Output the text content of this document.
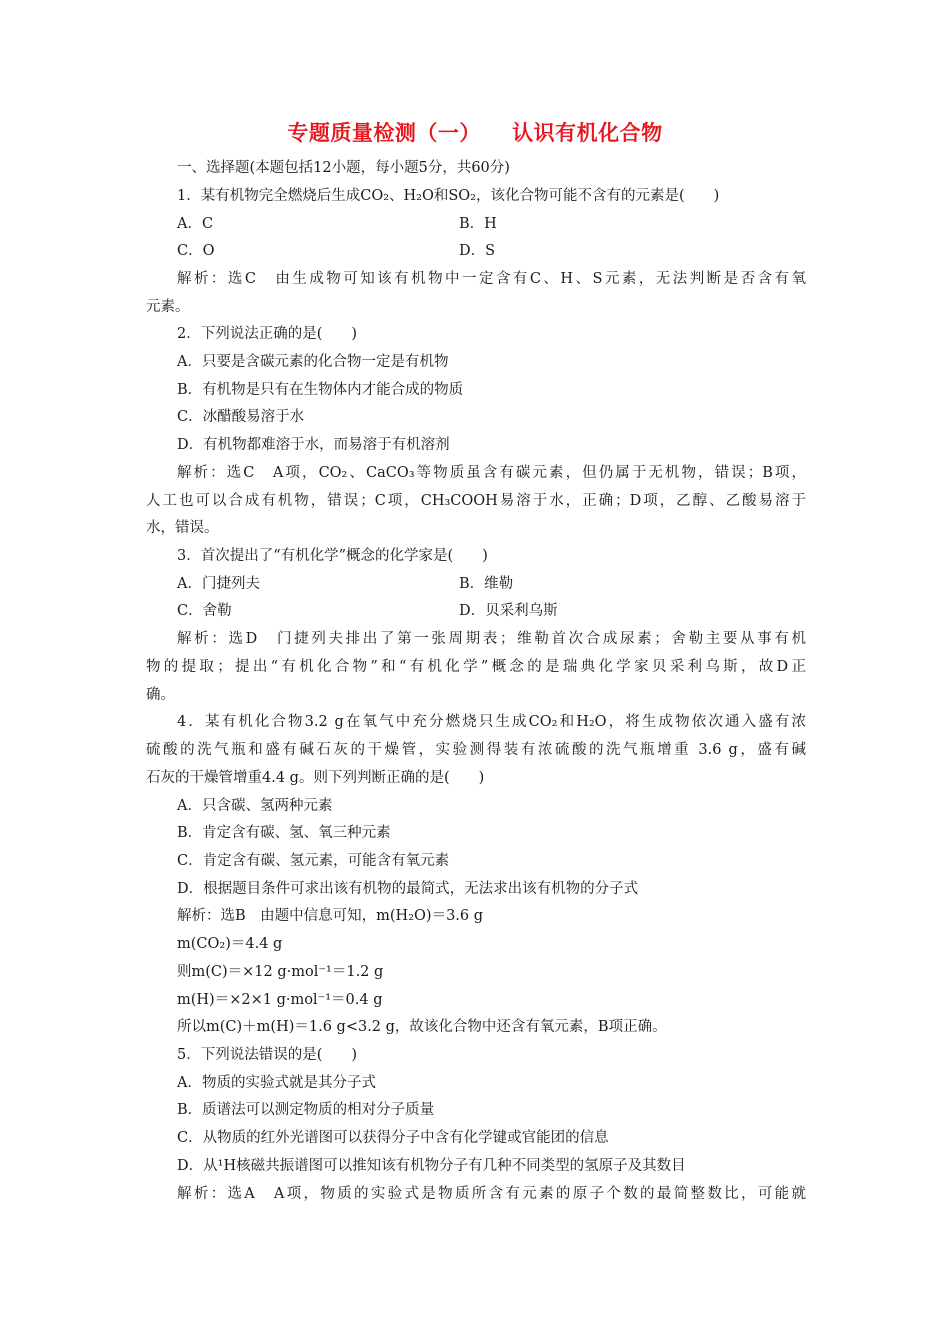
专题质量检测（一）    认识有机化合物
一、选择题(本题包括12小题，每小题5分，共60分)
1．某有机物完全燃烧后生成CO₂、H₂O和SO₂，该化合物可能不含有的元素是(　　)
A．C	B．H
C．O	D．S
解析：选C　由生成物可知该有机物中一定含有C、H、S元素，无法判断是否含有氧
元素。
2．下列说法正确的是(　　)
A．只要是含碳元素的化合物一定是有机物
B．有机物是只有在生物体内才能合成的物质
C．冰醋酸易溶于水
D．有机物都难溶于水，而易溶于有机溶剂
解析：选C　A项，CO₂、CaCO₃等物质虽含有碳元素，但仍属于无机物，错误；B项，
人工也可以合成有机物，错误；C项，CH₃COOH易溶于水，正确；D项，乙醇、乙酸易溶于
水，错误。
3．首次提出了“有机化学”概念的化学家是(　　)
A．门捷列夫	B．维勒
C．舍勒	D．贝采利乌斯
解析：选D　门捷列夫排出了第一张周期表；维勒首次合成尿素；舍勒主要从事有机
物的提取；提出“有机化合物”和“有机化学”概念的是瑞典化学家贝采利乌斯，故D正
确。
4．某有机化合物3.2 g在氧气中充分燃烧只生成CO₂和H₂O，将生成物依次通入盛有浓
硫酸的洗气瓶和盛有碱石灰的干燥管，实验测得装有浓硫酸的洗气瓶增重 3.6 g，盛有碱
石灰的干燥管增重4.4 g。则下列判断正确的是(　　)
A．只含碳、氢两种元素
B．肯定含有碳、氢、氧三种元素
C．肯定含有碳、氢元素，可能含有氧元素
D．根据题目条件可求出该有机物的最简式，无法求出该有机物的分子式
解析：选B　由题中信息可知，m(H₂O)＝3.6 g
m(CO₂)＝4.4 g
则m(C)＝×12 g·mol⁻¹＝1.2 g
m(H)＝×2×1 g·mol⁻¹＝0.4 g
所以m(C)＋m(H)＝1.6 g<3.2 g，故该化合物中还含有氧元素，B项正确。
5．下列说法错误的是(　　)
A．物质的实验式就是其分子式
B．质谱法可以测定物质的相对分子质量
C．从物质的红外光谱图可以获得分子中含有化学键或官能团的信息
D．从¹H核磁共振谱图可以推知该有机物分子有几种不同类型的氢原子及其数目
解析：选A　A项，物质的实验式是物质所含有元素的原子个数的最简整数比，可能就
